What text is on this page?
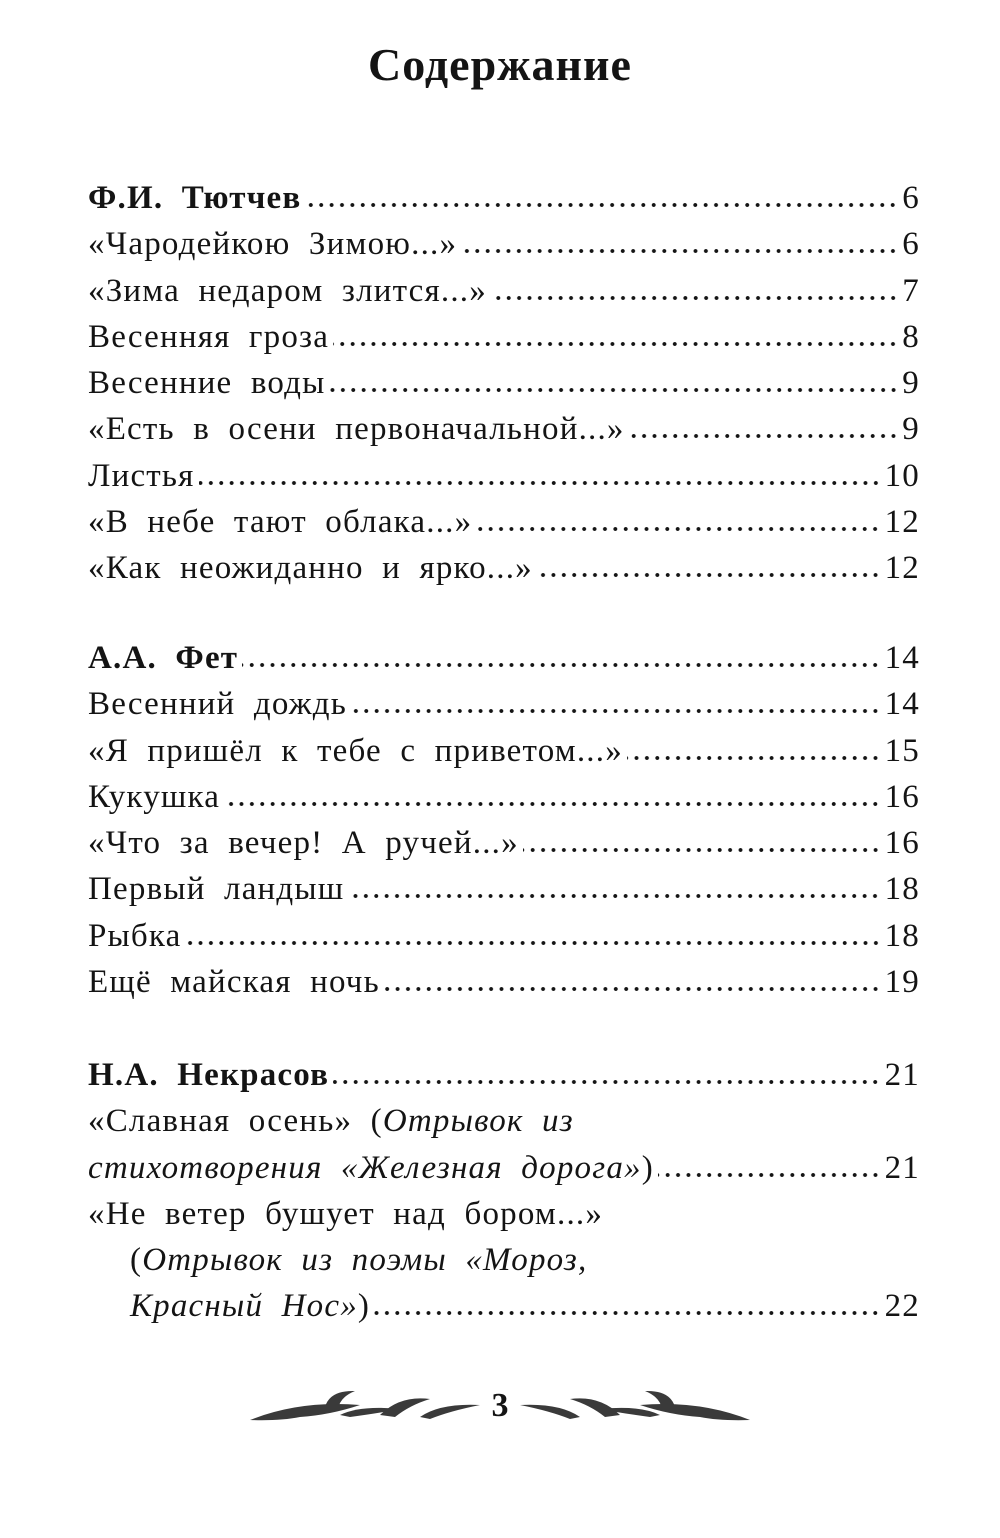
Содержание
Ф.И. Тютчев	6
«Чародейкою Зимою...»	6
«Зима недаром злится...»	7
Весенняя гроза	8
Весенние воды	9
«Есть в осени первоначальной...»	9
Листья	10
«В небе тают облака...»	12
«Как неожиданно и ярко...»	12
А.А. Фет	14
Весенний дождь	14
«Я пришёл к тебе с приветом...»	15
Кукушка	16
«Что за вечер! А ручей...»	16
Первый ландыш	18
Рыбка	18
Ещё майская ночь	19
Н.А. Некрасов	21
«Славная осень» (Отрывок из
стихотворения «Железная дорога»)	21
«Не ветер бушует над бором...»
(Отрывок из поэмы «Мороз,
Красный Нос»)	22
3
